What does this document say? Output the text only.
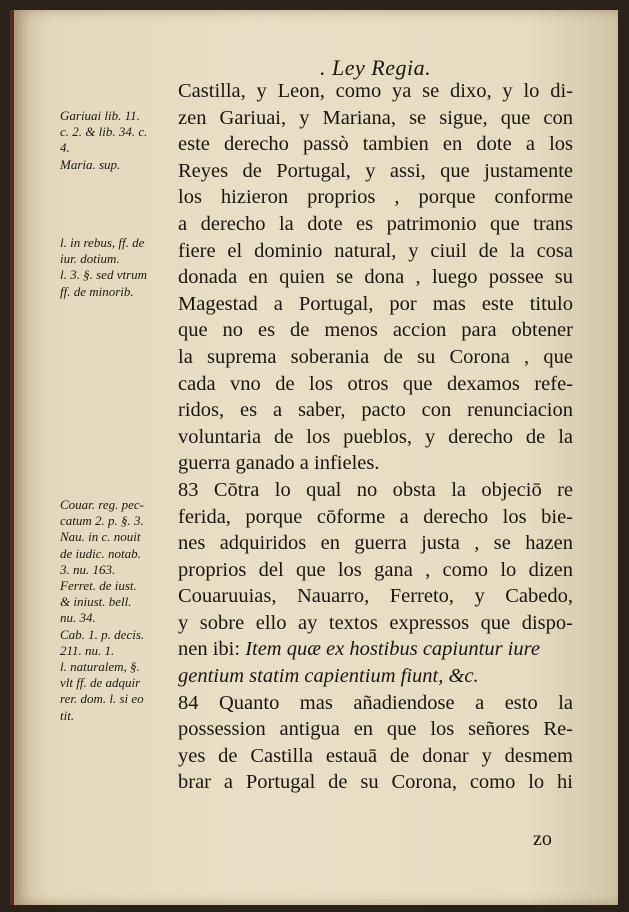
. Ley Regia.
Castilla, y Leon, como ya se dixo, y lo di-
zen Gariuai, y Mariana, se sigue, que con
este derecho passò tambien en dote a los
Reyes de Portugal, y assi, que justamente
los hizieron proprios , porque conforme
a derecho la dote es patrimonio que trans
fiere el dominio natural, y ciuil de la cosa
donada en quien se dona , luego possee su
Magestad a Portugal, por mas este titulo
que no es de menos accion para obtener
la suprema soberania de su Corona , que
cada vno de los otros que dexamos refe-
ridos, es a saber, pacto con renunciacion
voluntaria de los pueblos, y derecho de la
guerra ganado a infieles.
83 Cōtra lo qual no obsta la objeciō re
ferida, porque cōforme a derecho los bie-
nes adquiridos en guerra justa , se hazen
proprios del que los gana , como lo dizen
Couaruuias, Nauarro, Ferreto, y Cabedo,
y sobre ello ay textos expressos que dispo-
nen ibi: Item quæ ex hostibus capiuntur iure
gentium statim capientium fiunt, &c.
84 Quanto mas añadiendose a esto la
possession antigua en que los señores Re-
yes de Castilla estauā de donar y desmem
brar a Portugal de su Corona, como lo hi
Gariuai lib. 11.
c. 2. & lib. 34. c.
4.
Maria. sup.
l. in rebus, ff. de
iur. dotium.
l. 3. §. sed vtrum
ff. de minorib.
Couar. reg. pec-
catum 2. p. §. 3.
Nau. in c. nouit
de iudic. notab.
3. nu. 163.
Ferret. de iust.
& iniust. bell.
nu. 34.
Cab. 1. p. decis.
211. nu. 1.
l. naturalem, §.
vlt ff. de adquir
rer. dom. l. si eo
tit.
zo
